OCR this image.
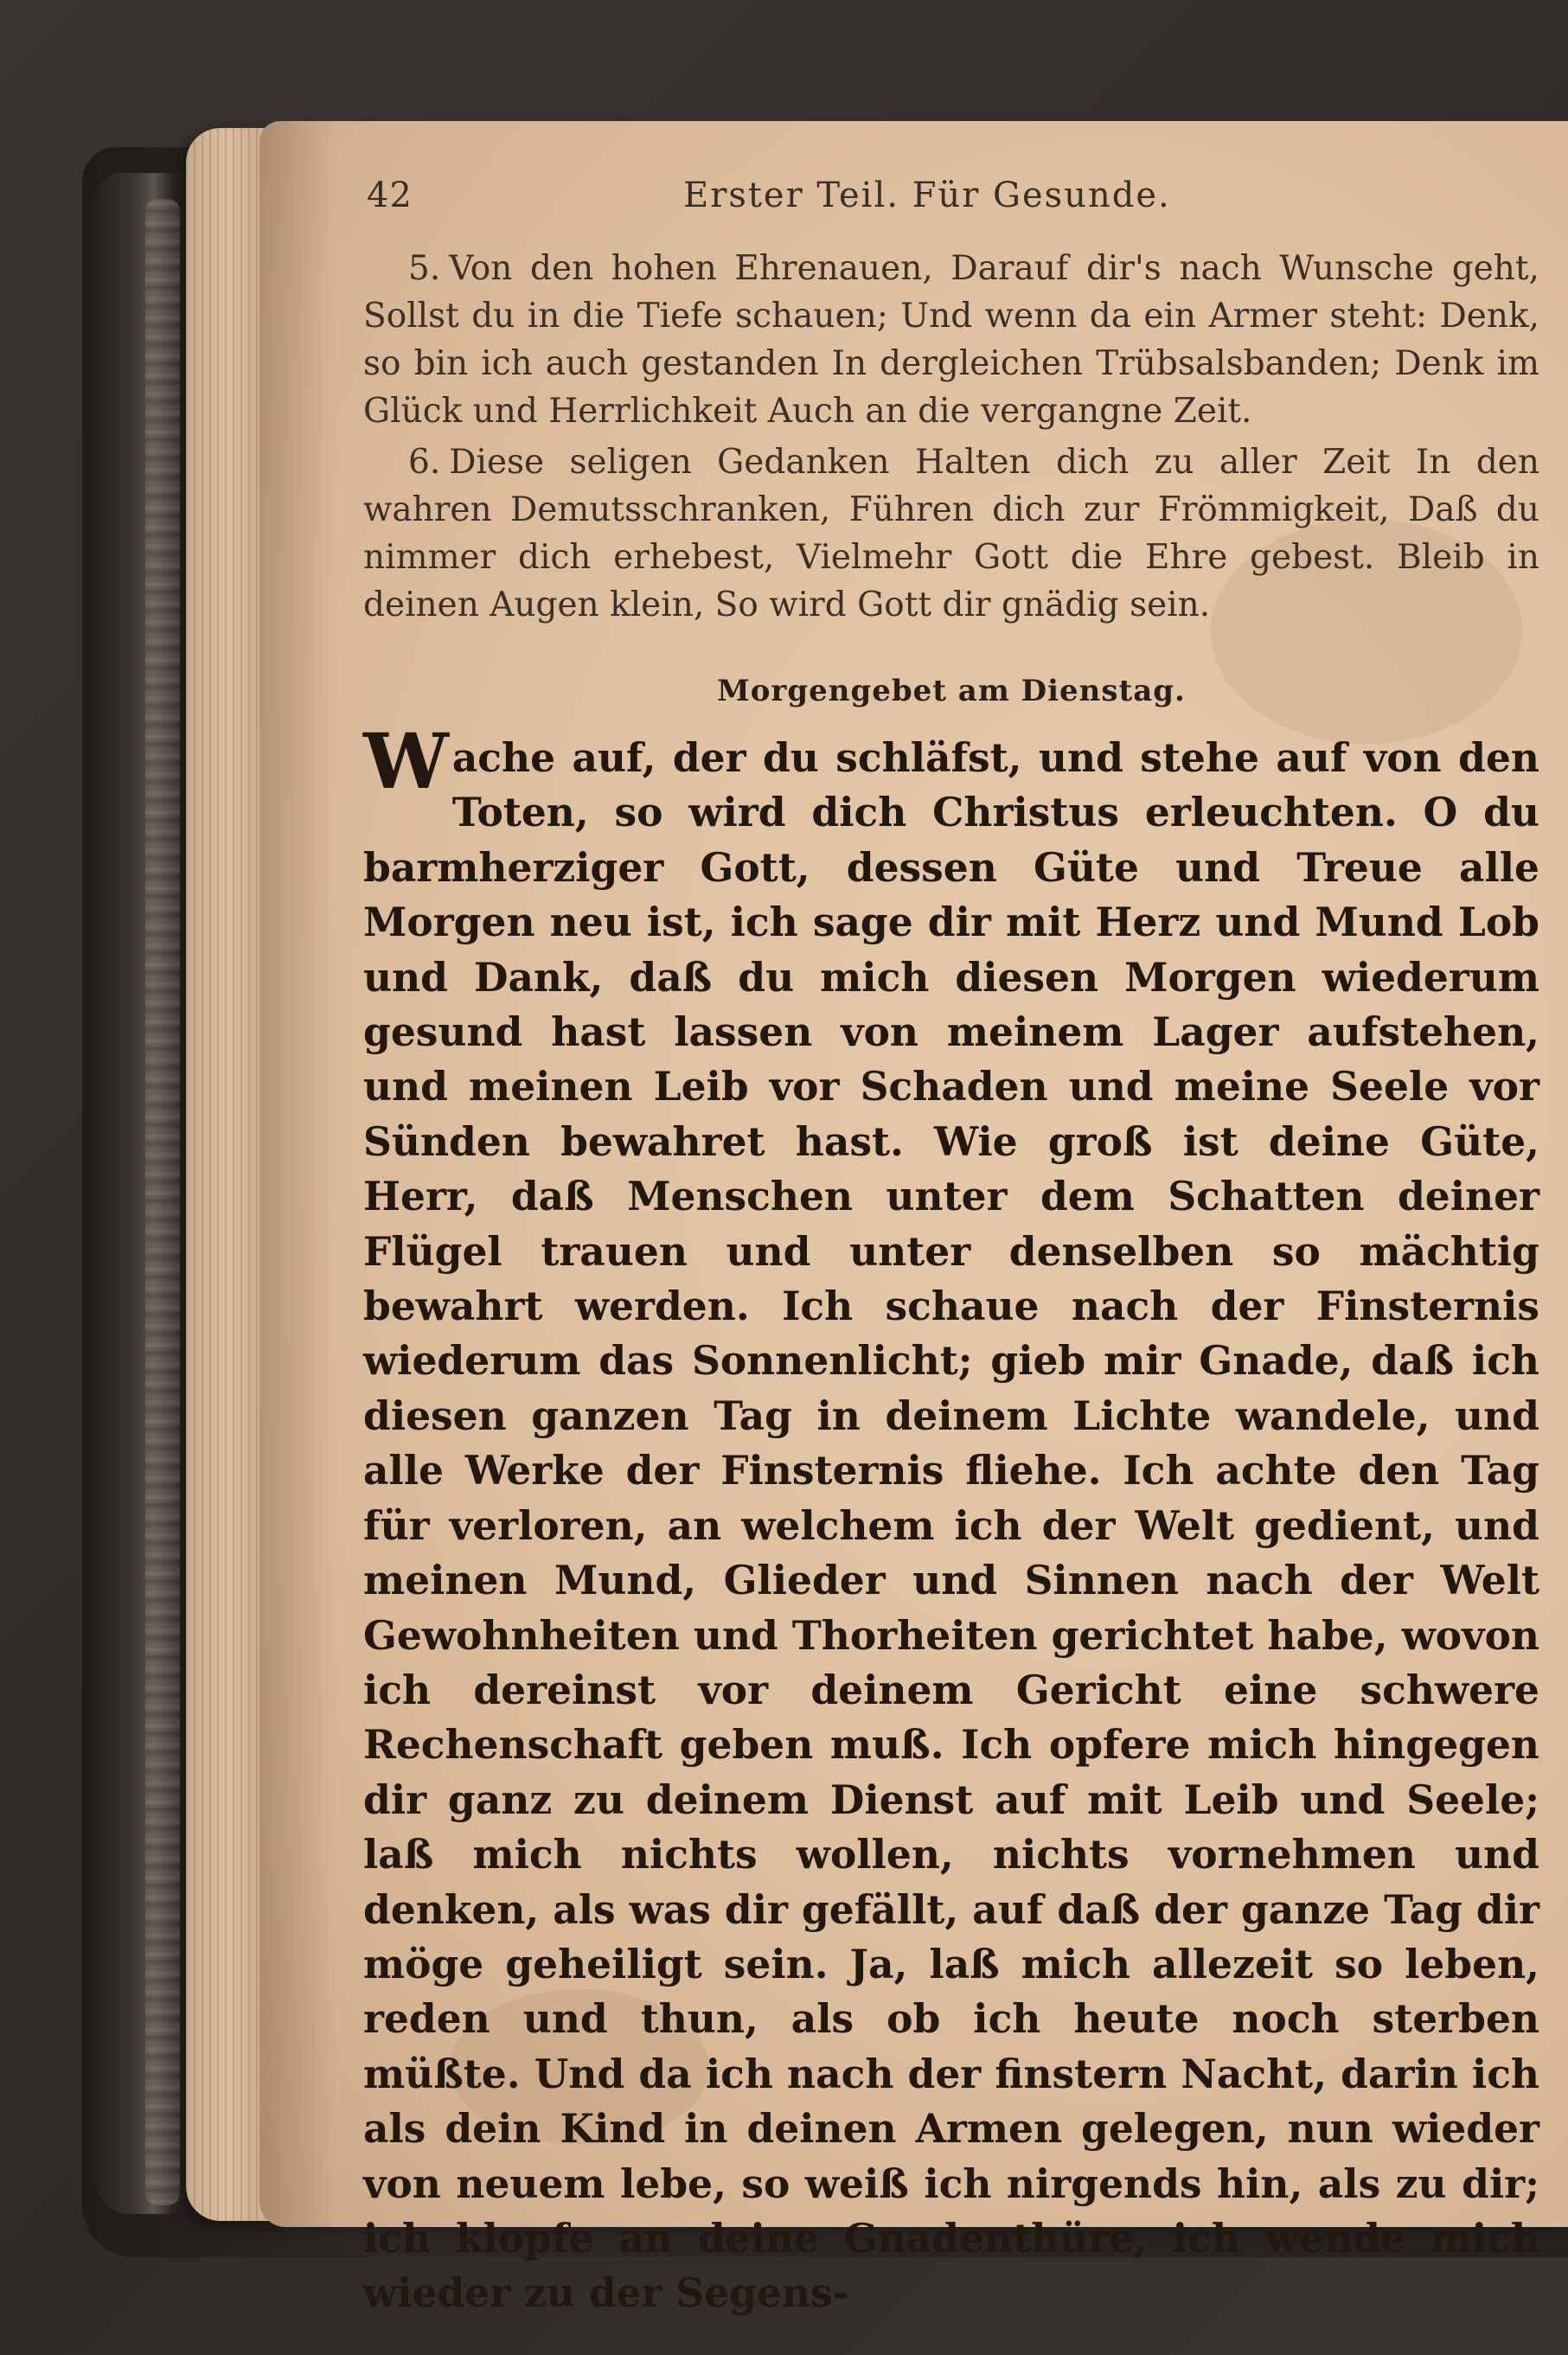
42	Erster Teil. Für Gesunde.

5. Von den hohen Ehrenauen, Darauf dir's nach Wunsche geht, Sollst du in die Tiefe schauen; Und wenn da ein Armer steht: Denk, so bin ich auch gestanden In dergleichen Trübsalsbanden; Denk im Glück und Herrlichkeit Auch an die vergangne Zeit.

6. Diese seligen Gedanken Halten dich zu aller Zeit In den wahren Demutsschranken, Führen dich zur Frömmigkeit, Daß du nimmer dich erhebest, Vielmehr Gott die Ehre gebest. Bleib in deinen Augen klein, So wird Gott dir gnädig sein.

Morgengebet am Dienstag.
Wache auf, der du schläfst, und stehe auf von den Toten, so wird dich Christus erleuchten. O du barmherziger Gott, dessen Güte und Treue alle Morgen neu ist, ich sage dir mit Herz und Mund Lob und Dank, daß du mich diesen Morgen wiederum gesund hast lassen von meinem Lager aufstehen, und meinen Leib vor Schaden und meine Seele vor Sünden bewahret hast. Wie groß ist deine Güte, Herr, daß Menschen unter dem Schatten deiner Flügel trauen und unter denselben so mächtig bewahrt werden. Ich schaue nach der Finsternis wiederum das Sonnenlicht; gieb mir Gnade, daß ich diesen ganzen Tag in deinem Lichte wandele, und alle Werke der Finsternis fliehe. Ich achte den Tag für verloren, an welchem ich der Welt gedient, und meinen Mund, Glieder und Sinnen nach der Welt Gewohnheiten und Thorheiten gerichtet habe, wovon ich dereinst vor deinem Gericht eine schwere Rechenschaft geben muß. Ich opfere mich hingegen dir ganz zu deinem Dienst auf mit Leib und Seele; laß mich nichts wollen, nichts vornehmen und denken, als was dir gefällt, auf daß der ganze Tag dir möge geheiligt sein. Ja, laß mich allezeit so leben, reden und thun, als ob ich heute noch sterben müßte. Und da ich nach der finstern Nacht, darin ich als dein Kind in deinen Armen gelegen, nun wieder von neuem lebe, so weiß ich nirgends hin, als zu dir; ich klopfe an deine Gnadenthüre, ich wende mich wieder zu der Segens-
